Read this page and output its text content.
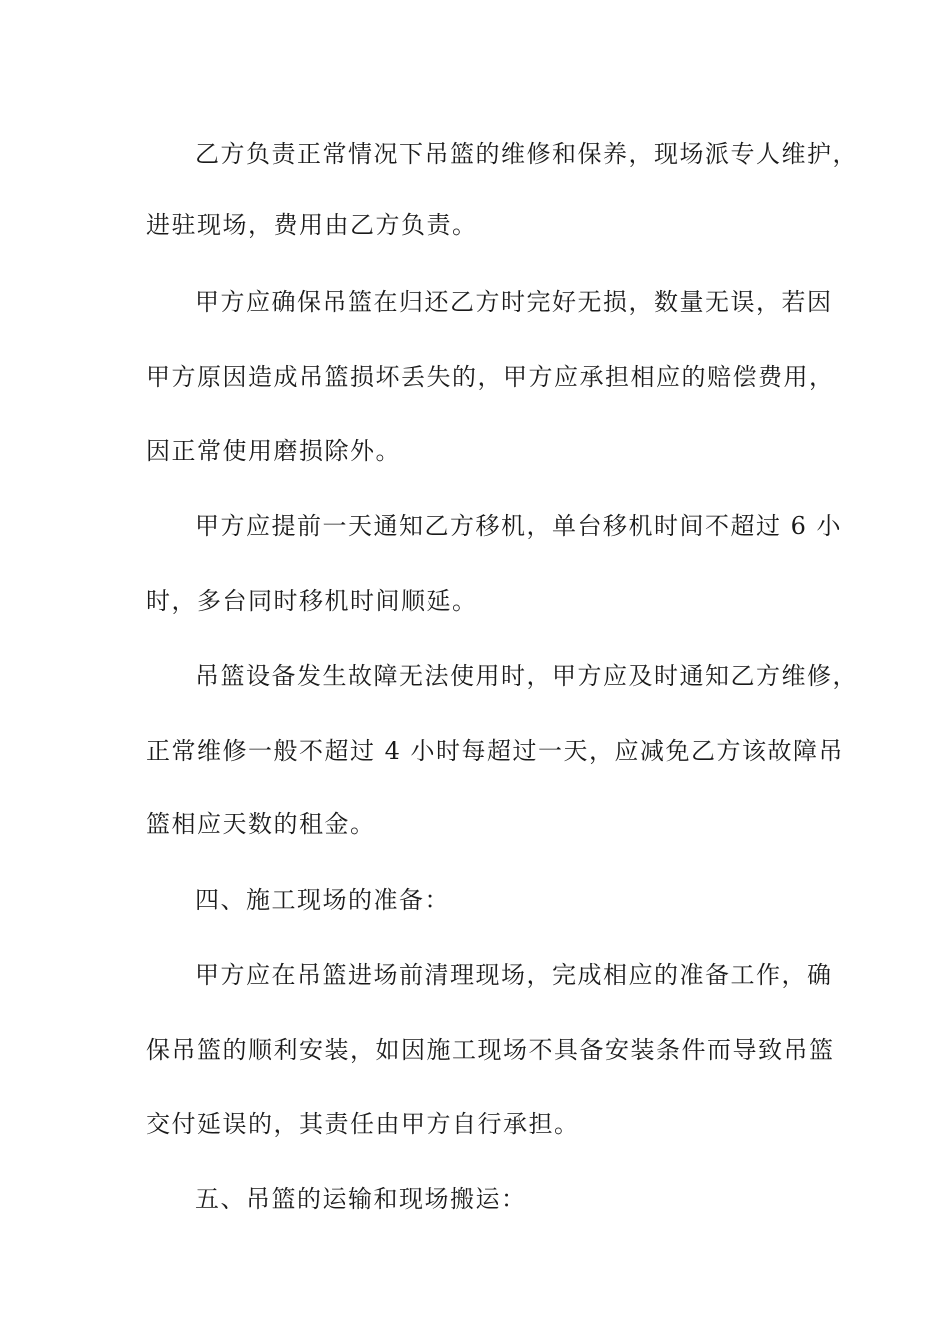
乙方负责正常情况下吊篮的维修和保养，现场派专人维护，
进驻现场，费用由乙方负责。
甲方应确保吊篮在归还乙方时完好无损，数量无误，若因
甲方原因造成吊篮损坏丢失的，甲方应承担相应的赔偿费用，
因正常使用磨损除外。
甲方应提前一天通知乙方移机，单台移机时间不超过 6 小
时，多台同时移机时间顺延。
吊篮设备发生故障无法使用时，甲方应及时通知乙方维修，
正常维修一般不超过 4 小时每超过一天，应减免乙方该故障吊
篮相应天数的租金。
四、施工现场的准备：
甲方应在吊篮进场前清理现场，完成相应的准备工作，确
保吊篮的顺利安装，如因施工现场不具备安装条件而导致吊篮
交付延误的，其责任由甲方自行承担。
五、吊篮的运输和现场搬运：
